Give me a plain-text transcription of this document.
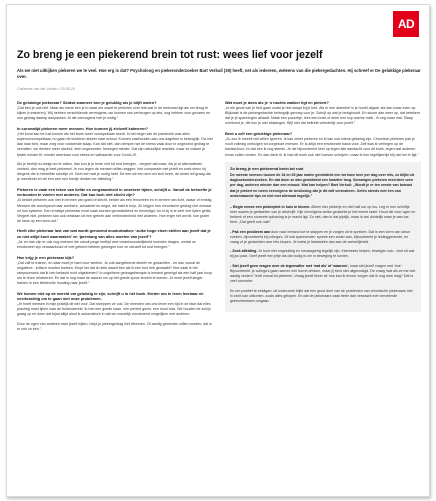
AD
Zo breng je een piekerend brein tot rust: wees lief voor jezelf
Als we niet uitkijken piekeren we te veel. Hoe erg is dat? Psycholoog en piekeronderzoeker Bart Verkuil (39) heeft, net als iedereen, weleens van die piekergedachten. Hij schreef er De gelukkige piekeraar over.
Catherine van der Linden • 20-05-20
De gelukkige piekeraar? Sindsk wanneer ben je gelukkig als je blijft malen?

„Dat ben je ook niet. Maar als mens ben je in staat om zowel te piekeren over iets wat in de toekomst ligt als om terug te kijken (rumineren). Wij hebben verschillende vermogens; we kunnen ons verheugen op iets, oog hebben voor gevaren en ons gedrag daarop aanpassen. Al die vermogens heb je nodig.”

In coronatijd piekeren meer mensen. Hoe kunnen jij zichzelf kalmeren?

„Het komt kan tot rust komen als het leven weer voorspelbaar wordt. In het begin van de pandemie was alles superonvoorspelbaar, nu gaan de kinderen alweer naar school. Kunnen vasthouden aan ons dagritme is belangrijk. Ga niet laat naar bed, maar zorg voor voldoende slaap. Kan dat niet, dan dempen we de stress vaak door in ongezond gedrag te vervallen: we drinken meer alcohol, eten ongezonder, bewegen minder. Dat zijn natuurlijke reacties, maar ze maken je fysiek minder fit, minder weerbaar voor stress en vatbaarder voor Covid-19.

Als je bedrijf nu dreigt om te vallen, dan kun je je brein niet tot rust brengen - vergeet dat maar. Als je al alternatieven ontdekt, dan mag je best piekeren! Je zou tegen de mensen willen zeggen: heb compassie met jezelf en zoek steun bij diegene die in hetzelfde schuitje zit. Geef een wat je nodig hebt. De een wil een arm om zich heen, de ander wil graag dat je meedenkt en wil een arm een biertje drinken ter afleiding.”

Piekeren is vaak een teken van liefde en zorgzaamheid in onzekere tijden, schrijft u. Vanuit de behoefte je verbonden te voelen met anderen. Dat kan toch niet slecht zijn?

„Ik belicht piekeren ook niet in termen van goed of slecht, eerder als een fenomeen en in termen van licht, zwaar of ernstig. Mensen die doorlopend naar sombere, schaamte en angst, die bakt ik hulp. Ze krijgen hun chronische gedrag niet zomaar uit hun systeem. Een ernstige piekeraar moet vaak worden geruststelend en bevestigd, tot of zij is te veel met tijden getild. Vergeet niet, piekeren kan ook ontstaan uit een gebrek aan verbondenheid met anderen. Hoe erger het wordt, hoe groter de kans op een burn-out.”

Heeft elke piekeraar last van wat wordt genoemd musturbation: ‘zulke hoge eisen stellen aan jezelf dat je zo niet altijd kunt waarmaken’ en ‘jarenlang van alles moeten van jezelf’?

„Ja, en dan zijn er ook nog mensen die vanuit jonge leeftijd veel verantwoordelijkheid moesten dragen, omdat ze emotioneel zijn verwaarloosd of met geleerd hebben gekregen hoe ze zichzelf tot rust brengen.”

Hoe krijg je een piekeraar kijk?

„Dat valt te trainen, en daar moet je hard voor werken. Je zult aangeleerde ideeën en gedachten - en dan vooral de negatieve - kritisch moeten toetsen. Klopt het dat ik niets waard ben als ik een fout heb gemaakt? Hoe vaak is het rampscenario dat ik heb bedacht echt uitgekomen? In cognitieve gedragstherapie is iemand geneigd als een half jaar hoop om te leren relativeren. En dat is nog maar de aanzet om op het goede spoor terecht te komen. Je moet jezelf langer trainen in een liefdevolle houding naar jezelf.”

We komen niet op de wereld om gelukkig te zijn, schrijft u in het boek. Eerder om te leren leerbaar en veerkrachtig om te gaan met onze problemen.

„Je hoeft mensen in mijn praktijk dit wel voor. Dat stoeppen ze ook. De meesten van ons leven een tijd in de fase dat elles prachtig moet lijken naar de buitenwereld. Ik heb een goede baan, een perfect gezin, een mooi huis. We houden de schijn graag op en doen dat bijna altijd alsof ik automatisch in dat we zosnelijk voordurend vergelijken met anderen.

Door de ogen van anderen naar jezelf kijken, helpt je piekergedrag niet afnemen. Of aardig gevonden willen worden, dat is er ook zo één.”

Wat moet je doen als je ‘s nachts wakker ligt en piekert?

„In elk geval van je bed gaan zodat je niet slaapt bij je bed. Als er een alarmbel in je hoofd afgaat, sta dan maar even op. Blijkbaar is de piekergedachte belangrijk genoeg voor je. Schrijf op wat je bezighoudt. En stoom dan weer op, dat betekent dat je je spanningen aflaadt. Maak een puzzeltje, lees een boek of drink een kop warme melk - ik zeg maar wat. Slaap overkomt je, die kun je niet afdwingen. Blijf niet dat beltrekt vriendelijk voor jezelf.”

Bent u zelf een gelukkige piekeraar?

„Zo zou ik mezelf wel willen typeren. Ik kan zeker piekeren en ik kan ook intens gelukkig zijn. Chronisch piekeren pak je nooit volledig ombuigen tot zorgeloze mensen. Er is altijd een emotionele basis voor. Zelf was ik verliegen op de basisschool, en dat ben ik nog steeds. Je die bijvoorbeeld heel op tegen alle aandacht voor dit boek, tegen wat anderen ervan zullen vinden. En dan denk ik: ik had dit boek ook niet hoeven schrijven, maar ik ben tegelijkertijd blij dat het er ligt.”

Zo breng je een piekerend brein tot rust
De meeste mensen tussen de 18 en 65 jaar malen gemiddeld een tot twee keer per dag over iets, zo blijkt uit dagboekonderzoeken. En dat doen ze dan gemiddeld een kwartier lang. Sommigen piekeren meerdere uren per dag, anderen minder dan een minuut. Wat kan helpen? Bart Verkuil: „Wordt je er ten eerste van bewust dat je piekert en neem vervolgens de beslissing dat je dit wilt veranderen. Oefen steeds met één van onderstaande tips en niet met allemaal tegelijk.”

– Begin ermee een piekerplek in huis te kiezen. Alleen hier piekerje en niet half uur op los. Leg er een schriftje neer waarin je gedachten van je afschrijft. Kijk vervolgens welke gedachte je het meest raakt. Houd die voor ogen en bedenk of een concrete oplossing is je macht ligt. Zo niet, dan is dat pijnlijk, maar is wel duidelijk waar je aan toe bent. „Dat geeft ook rust!”

- Pak een probleem aan door naar iemand toe te stappen en je zorgen uit te spreken. Dat is een vorm van steun zoeken, bijvoorbeeld bij collega’s. Of wat spannender: spreek een ander aan, bijvoorbeeld je leidinggevende, en vraag of je gedachten over iets klopen. Je toetst je fantasieën dan aan de werkelijkheid.

- Zoek afleiding. Je kunt niet ongelukkig en nieuwsgierig tegelijk zijn. Interesses helpen, bewegen ook - vind uit wat bij jou past. Geef jezelf een jetje als dat nodig is om in beweging te komen.

- Stel jezelf geen vragen over de tegenvaller met ‘wat als’ of ‘waarom’, maar stel jezelf vragen met ‘hoe’. Bijvoorbeeld: je collega’s gaan samen een borrel drinken, maar jij bent niet uitgenodigd. De vraag ‘wat als ze me niet aardig vinden?’ leidt vooral tot piekeren. Vraag jezelf liever af: hoe kan ik ervoor zorgen dat ik nog mee mag? Dat is veel concreter.

En om positief te eindigen: uit onderzoek blijkt dat een groot deel van de problemen van chronische piekeraars niet in zicht kan uitkomen, zoals alles gelopen. En dat de piekeraars vaak beter dan verwacht met vervelende gebeurtenissen omgaan.
